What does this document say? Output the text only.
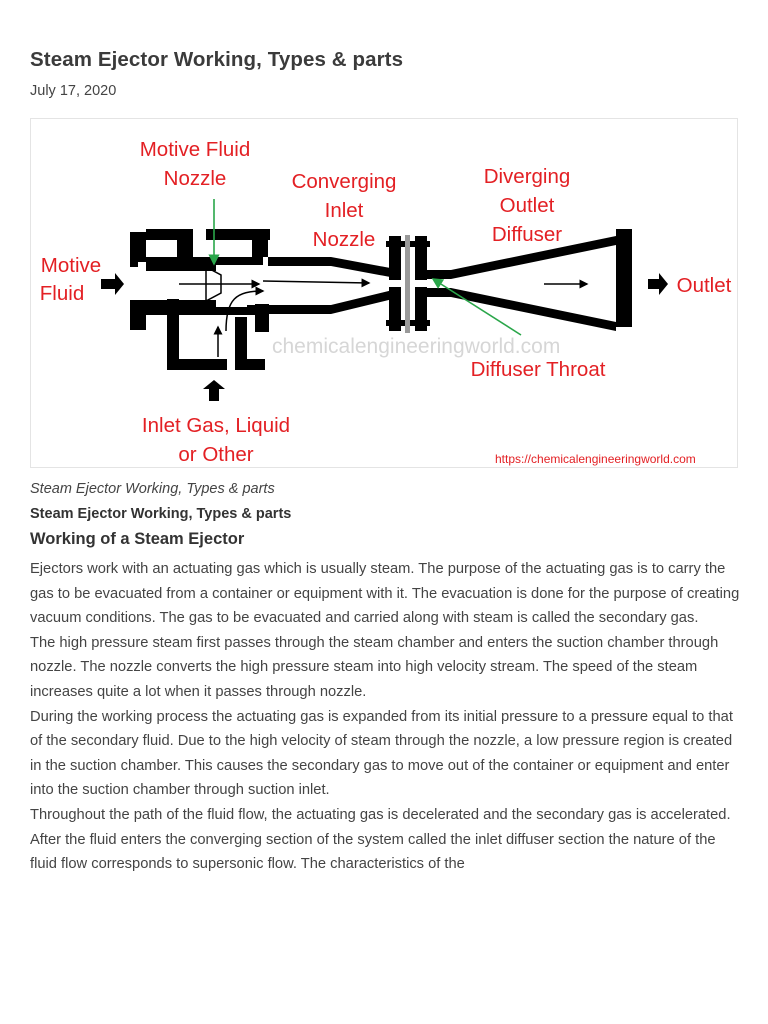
Steam Ejector Working, Types & parts
July 17, 2020
chemicalengineeringworld.com
Motive Fluid
Nozzle	Converging
Inlet
Nozzle
Diverging
Outlet
Diffuser
Motive
Fluid	Outlet
Diffuser Throat
Inlet Gas, Liquid
or Other	https://chemicalengineeringworld.com
Steam Ejector Working, Types & parts
Steam Ejector Working, Types & parts
Working of a Steam Ejector

Ejectors work with an actuating gas which is usually steam. The purpose of the actuating gas is to carry the gas to be evacuated from a container or equipment with it. The evacuation is done for the purpose of creating vacuum conditions. The gas to be evacuated and carried along with steam is called the secondary gas.

The high pressure steam first passes through the steam chamber and enters the suction chamber through nozzle. The nozzle converts the high pressure steam into high velocity stream. The speed of the steam increases quite a lot when it passes through nozzle.

During the working process the actuating gas is expanded from its initial pressure to a pressure equal to that of the secondary fluid. Due to the high velocity of steam through the nozzle, a low pressure region is created in the suction chamber. This causes the secondary gas to move out of the container or equipment and enter into the suction chamber through suction inlet.

Throughout the path of the fluid flow, the actuating gas is decelerated and the secondary gas is accelerated.

After the fluid enters the converging section of the system called the inlet diffuser section the nature of the fluid flow corresponds to supersonic flow. The characteristics of the
